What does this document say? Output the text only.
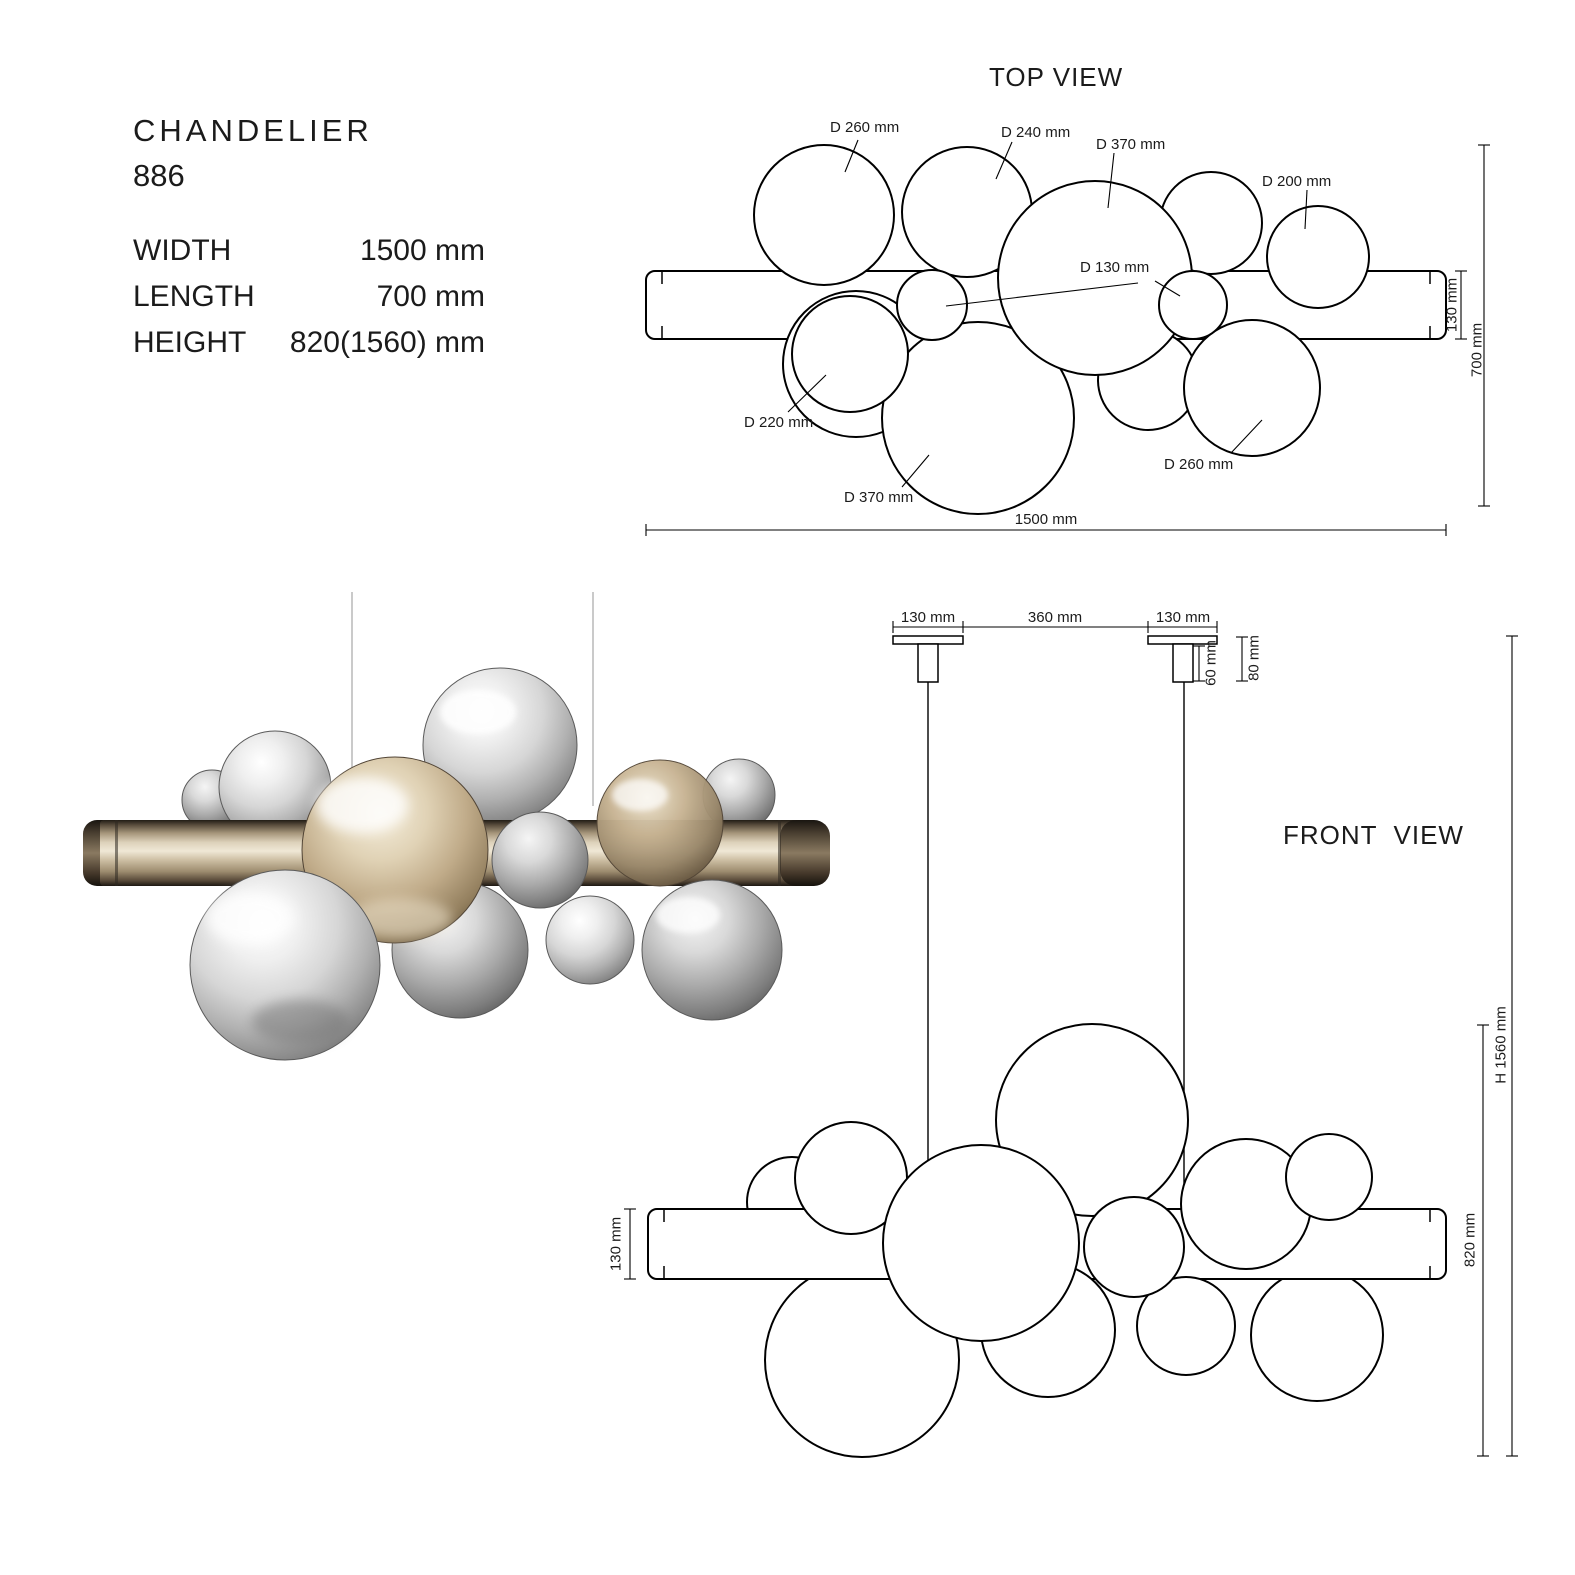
CHANDELIER
886
WIDTH	1500 mm
LENGTH	700 mm
HEIGHT 820(1560) mm
TOP VIEW
FRONT  VIEW
D 260 mm	D 240 mm
D 370 mm
D 200 mm
D 130 mm
D 220 mm
D 370 mm
D 260 mm
1500 mm
130 mm
700 mm
130 mm	360 mm	130 mm
60 mm 80 mm
H 1560 mm
820 mm
130 mm
